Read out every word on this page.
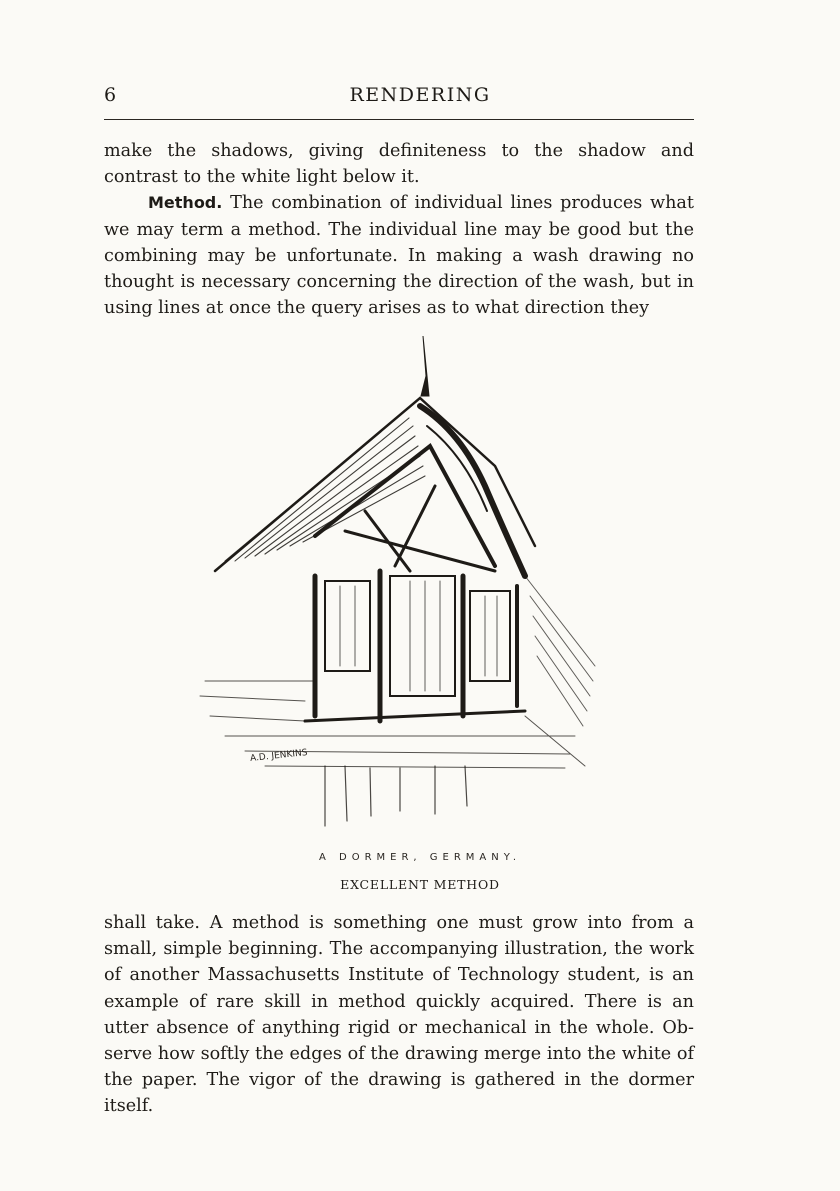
6	RENDERING

make the shadows, giving definiteness to the shadow and contrast to the white light below it.

Method. The combination of individual lines produces what we may term a method. The individual line may be good but the combining may be unfortunate. In making a wash drawing no thought is necessary concerning the direction of the wash, but in using lines at once the query arises as to what direction they

A.D. JENKINS
A DORMER, GERMANY.
EXCELLENT METHOD

shall take. A method is something one must grow into from a small, simple beginning. The accompanying illustration, the work of another Massachusetts Institute of Technology student, is an example of rare skill in method quickly acquired. There is an utter absence of anything rigid or mechanical in the whole. Ob-serve how softly the edges of the drawing merge into the white of the paper. The vigor of the drawing is gathered in the dormer itself.
